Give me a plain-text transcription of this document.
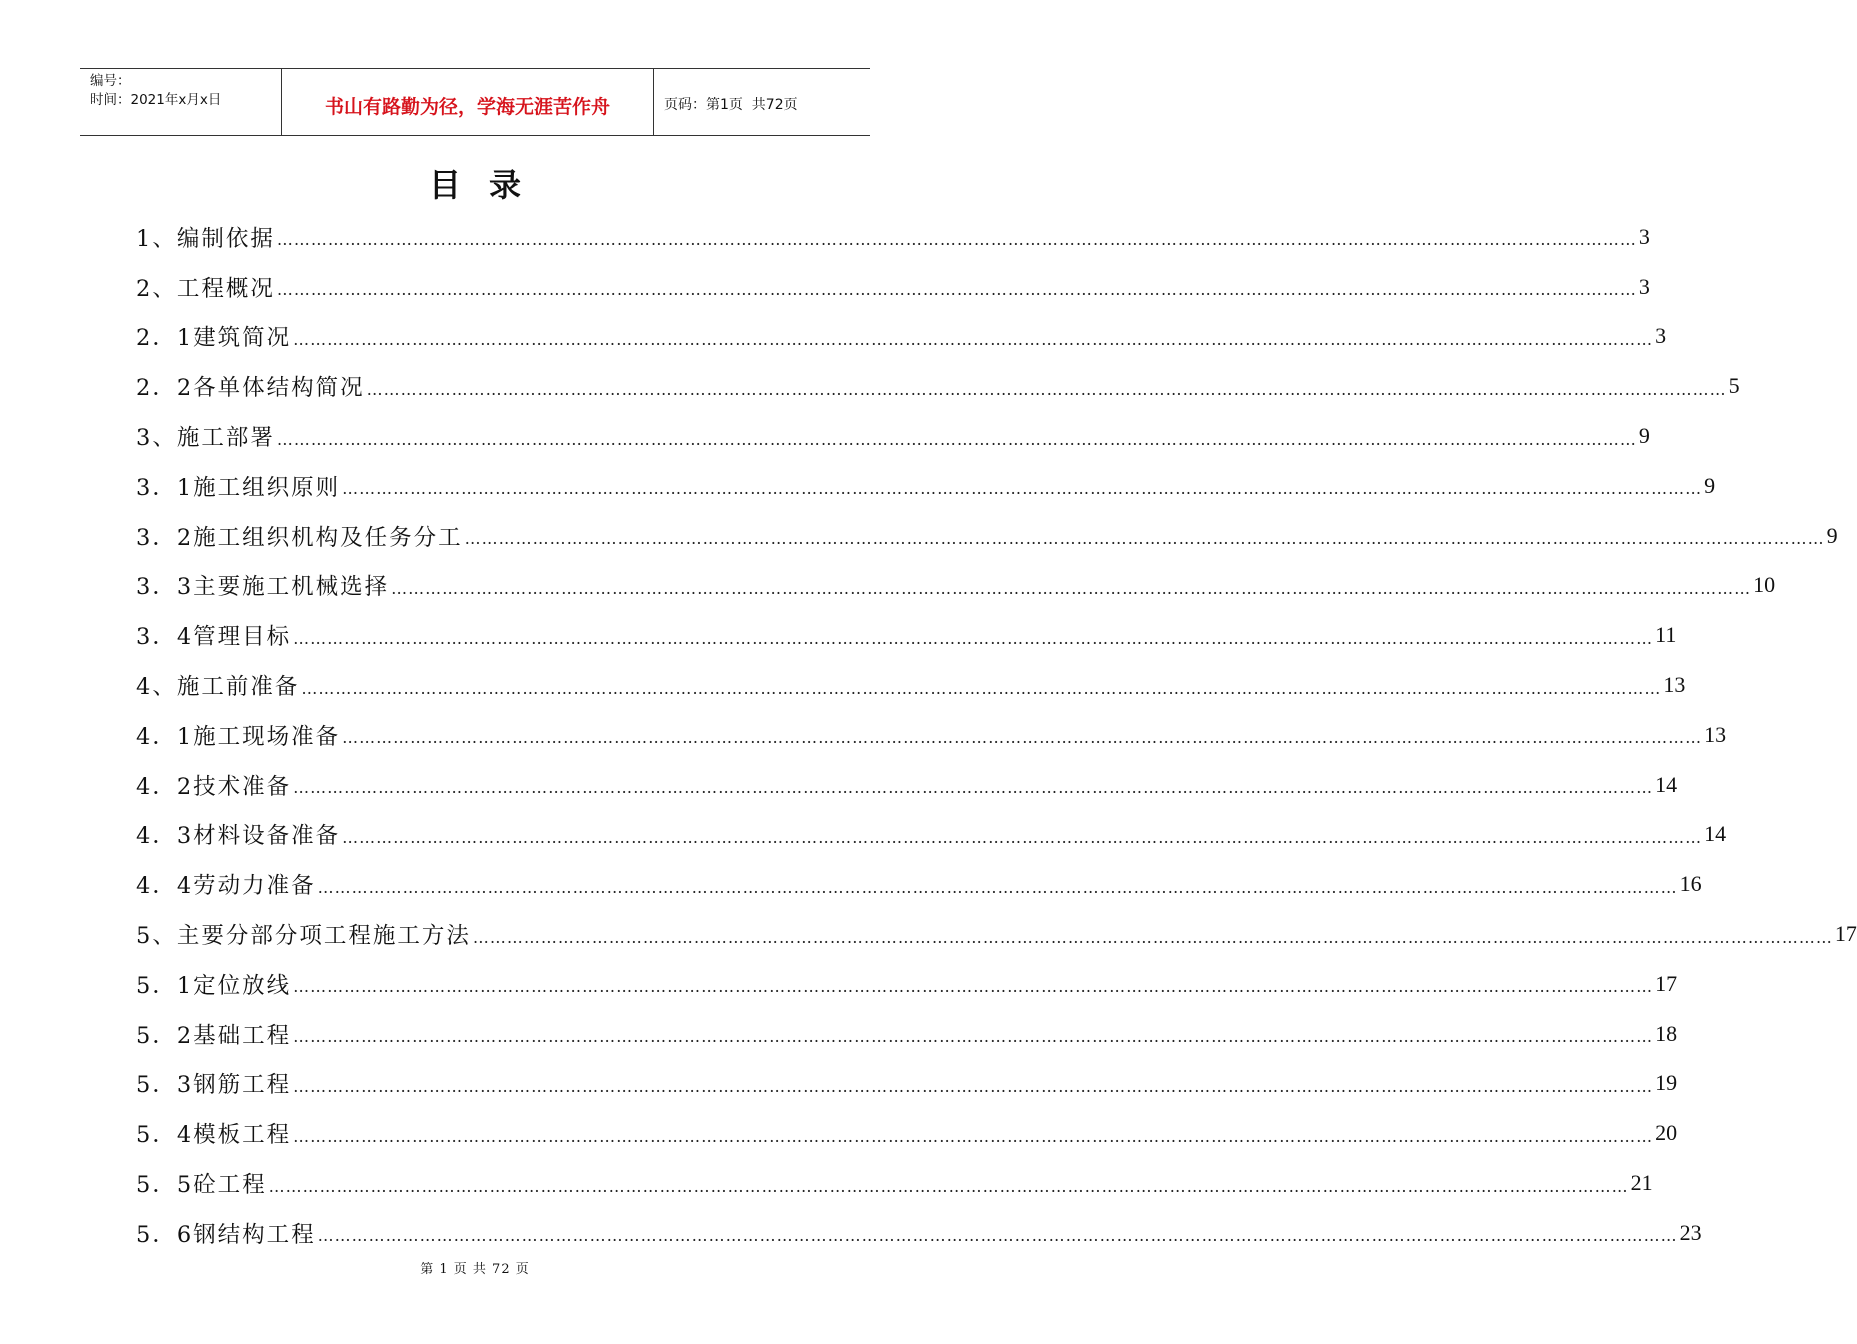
编号：
时间：2021年x月x日	书山有路勤为径，学海无涯苦作舟	页码：第1页  共72页
目录
1、编制依据 …………………………………………………………………………………………………………………………………………………………………………………………………………………… 3
2、工程概况 …………………………………………………………………………………………………………………………………………………………………………………………………………………… 3
2．1建筑简况 …………………………………………………………………………………………………………………………………………………………………………………………………………………… 3
2．2各单体结构简况 …………………………………………………………………………………………………………………………………………………………………………………………………………………… 5
3、施工部署 …………………………………………………………………………………………………………………………………………………………………………………………………………………… 9
3．1施工组织原则 …………………………………………………………………………………………………………………………………………………………………………………………………………………… 9
3．2施工组织机构及任务分工 …………………………………………………………………………………………………………………………………………………………………………………………………………………… 9
3．3主要施工机械选择 …………………………………………………………………………………………………………………………………………………………………………………………………………………… 10
3．4管理目标 …………………………………………………………………………………………………………………………………………………………………………………………………………………… 11
4、施工前准备 …………………………………………………………………………………………………………………………………………………………………………………………………………………… 13
4．1施工现场准备 …………………………………………………………………………………………………………………………………………………………………………………………………………………… 13
4．2技术准备 …………………………………………………………………………………………………………………………………………………………………………………………………………………… 14
4．3材料设备准备 …………………………………………………………………………………………………………………………………………………………………………………………………………………… 14
4．4劳动力准备 …………………………………………………………………………………………………………………………………………………………………………………………………………………… 16
5、主要分部分项工程施工方法 …………………………………………………………………………………………………………………………………………………………………………………………………………………… 17
5．1定位放线 …………………………………………………………………………………………………………………………………………………………………………………………………………………… 17
5．2基础工程 …………………………………………………………………………………………………………………………………………………………………………………………………………………… 18
5．3钢筋工程 …………………………………………………………………………………………………………………………………………………………………………………………………………………… 19
5．4模板工程 …………………………………………………………………………………………………………………………………………………………………………………………………………………… 20
5．5砼工程 …………………………………………………………………………………………………………………………………………………………………………………………………………………… 21
5．6钢结构工程 …………………………………………………………………………………………………………………………………………………………………………………………………………………… 23
第 1 页 共 72 页
